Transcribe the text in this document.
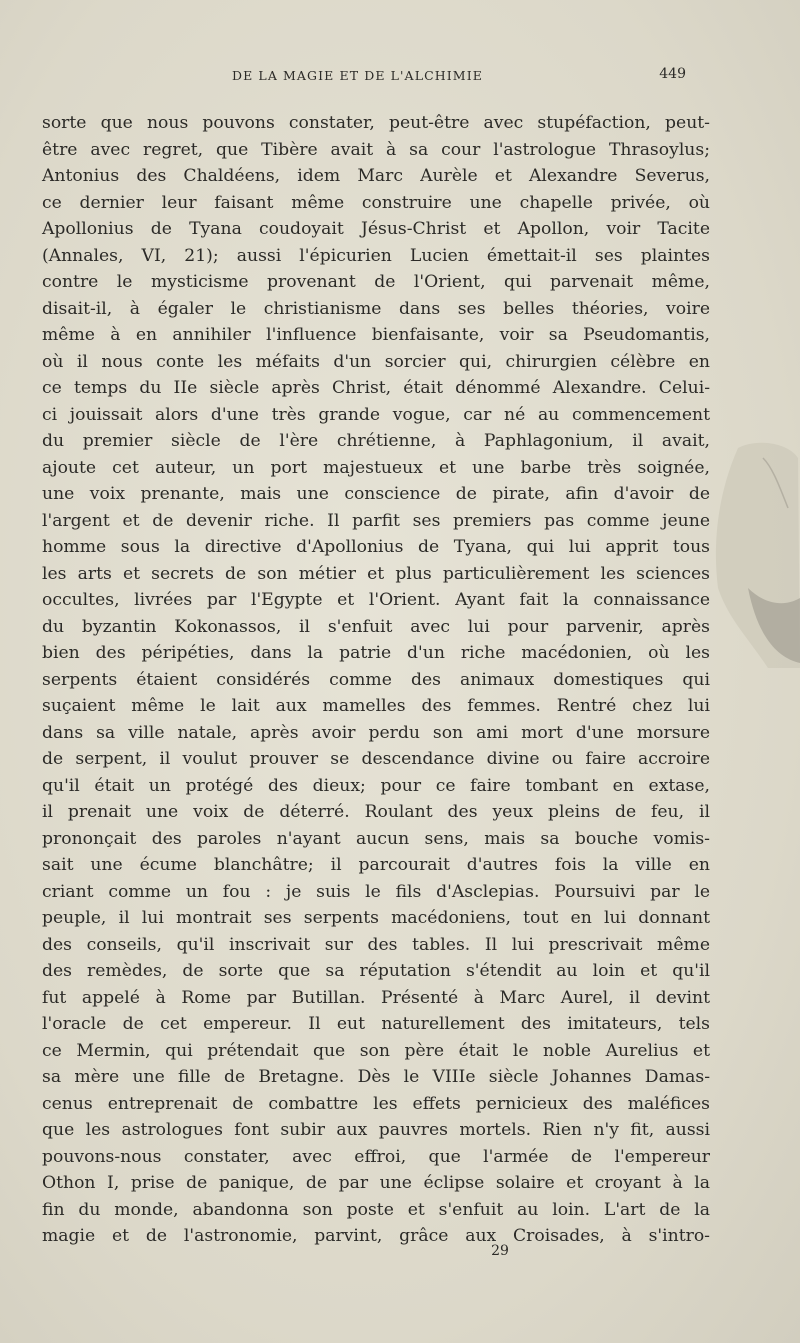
DE LA MAGIE ET DE L'ALCHIMIE	449
sorte que nous pouvons constater, peut-être avec stupéfaction, peut-
être avec regret, que Tibère avait à sa cour l'astrologue Thrasoylus;
Antonius des Chaldéens, idem Marc Aurèle et Alexandre Severus,
ce dernier leur faisant même construire une chapelle privée, où
Apollonius de Tyana coudoyait Jésus-Christ et Apollon, voir Tacite
(Annales, VI, 21); aussi l'épicurien Lucien émettait-il ses plaintes
contre le mysticisme provenant de l'Orient, qui parvenait même,
disait-il, à égaler le christianisme dans ses belles théories, voire
même à en annihiler l'influence bienfaisante, voir sa Pseudomantis,
où il nous conte les méfaits d'un sorcier qui, chirurgien célèbre en
ce temps du IIe siècle après Christ, était dénommé Alexandre. Celui-
ci jouissait alors d'une très grande vogue, car né au commencement
du premier siècle de l'ère chrétienne, à Paphlagonium, il avait,
ajoute cet auteur, un port majestueux et une barbe très soignée,
une voix prenante, mais une conscience de pirate, afin d'avoir de
l'argent et de devenir riche. Il parfit ses premiers pas comme jeune
homme sous la directive d'Apollonius de Tyana, qui lui apprit tous
les arts et secrets de son métier et plus particulièrement les sciences
occultes, livrées par l'Egypte et l'Orient. Ayant fait la connaissance
du byzantin Kokonassos, il s'enfuit avec lui pour parvenir, après
bien des péripéties, dans la patrie d'un riche macédonien, où les
serpents étaient considérés comme des animaux domestiques qui
suçaient même le lait aux mamelles des femmes. Rentré chez lui
dans sa ville natale, après avoir perdu son ami mort d'une morsure
de serpent, il voulut prouver se descendance divine ou faire accroire
qu'il était un protégé des dieux; pour ce faire tombant en extase,
il prenait une voix de déterré. Roulant des yeux pleins de feu, il
prononçait des paroles n'ayant aucun sens, mais sa bouche vomis-
sait une écume blanchâtre; il parcourait d'autres fois la ville en
criant comme un fou : je suis le fils d'Asclepias. Poursuivi par le
peuple, il lui montrait ses serpents macédoniens, tout en lui donnant
des conseils, qu'il inscrivait sur des tables. Il lui prescrivait même
des remèdes, de sorte que sa réputation s'étendit au loin et qu'il
fut appelé à Rome par Butillan. Présenté à Marc Aurel, il devint
l'oracle de cet empereur. Il eut naturellement des imitateurs, tels
ce Mermin, qui prétendait que son père était le noble Aurelius et
sa mère une fille de Bretagne. Dès le VIIIe siècle Johannes Damas-
cenus entreprenait de combattre les effets pernicieux des maléfices
que les astrologues font subir aux pauvres mortels. Rien n'y fit, aussi
pouvons-nous constater, avec effroi, que l'armée de l'empereur
Othon I, prise de panique, de par une éclipse solaire et croyant à la
fin du monde, abandonna son poste et s'enfuit au loin. L'art de la
magie et de l'astronomie, parvint, grâce aux Croisades, à s'intro-
29
